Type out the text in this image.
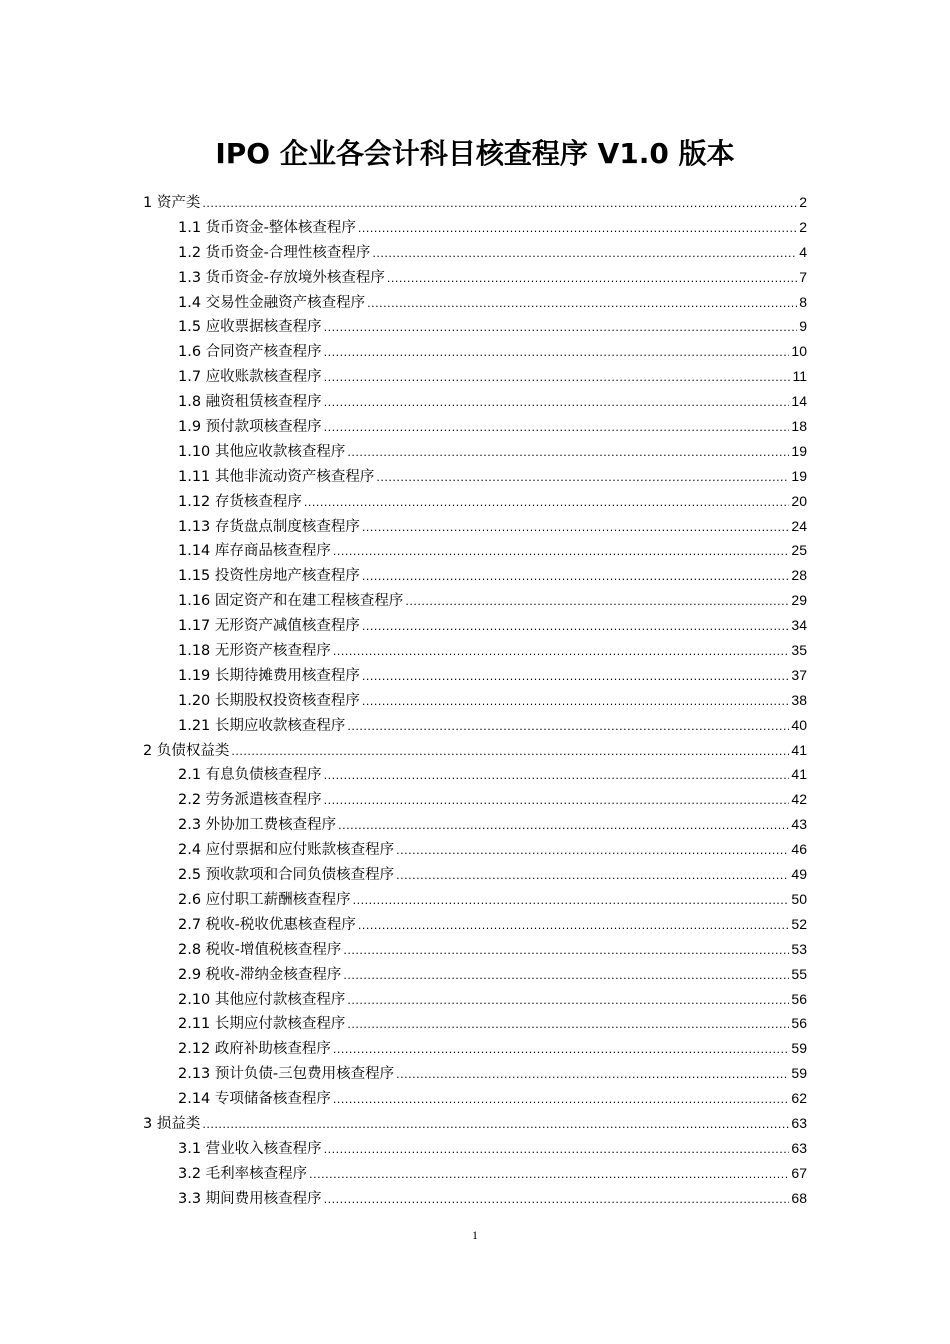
IPO 企业各会计科目核查程序 V1.0 版本
1 资产类 .....	2
1.1 货币资金-整体核查程序 .....	2
1.2 货币资金-合理性核查程序 .....	4
1.3 货币资金-存放境外核查程序 .....	7
1.4 交易性金融资产核查程序 .....	8
1.5 应收票据核查程序 .....	9
1.6 合同资产核查程序 .....	10
1.7 应收账款核查程序 .....	11
1.8 融资租赁核查程序 .....	14
1.9 预付款项核查程序 .....	18
1.10 其他应收款核查程序 .....	19
1.11 其他非流动资产核查程序 .....	19
1.12 存货核查程序 .....	20
1.13 存货盘点制度核查程序 .....	24
1.14 库存商品核查程序 .....	25
1.15 投资性房地产核查程序 .....	28
1.16 固定资产和在建工程核查程序 .....	29
1.17 无形资产减值核查程序 .....	34
1.18 无形资产核查程序 .....	35
1.19 长期待摊费用核查程序 .....	37
1.20 长期股权投资核查程序 .....	38
1.21 长期应收款核查程序 .....	40
2 负债权益类 .....	41
2.1 有息负债核查程序 .....	41
2.2 劳务派遣核查程序 .....	42
2.3 外协加工费核查程序 .....	43
2.4 应付票据和应付账款核查程序 .....	46
2.5 预收款项和合同负债核查程序 .....	49
2.6 应付职工薪酬核查程序 .....	50
2.7 税收-税收优惠核查程序 .....	52
2.8 税收-增值税核查程序 .....	53
2.9 税收-滞纳金核查程序 .....	55
2.10 其他应付款核查程序 .....	56
2.11 长期应付款核查程序 .....	56
2.12 政府补助核查程序 .....	59
2.13 预计负债-三包费用核查程序 .....	59
2.14 专项储备核查程序 .....	62
3 损益类 .....	63
3.1 营业收入核查程序 .....	63
3.2 毛利率核查程序 .....	67
3.3 期间费用核查程序 .....	68
1
